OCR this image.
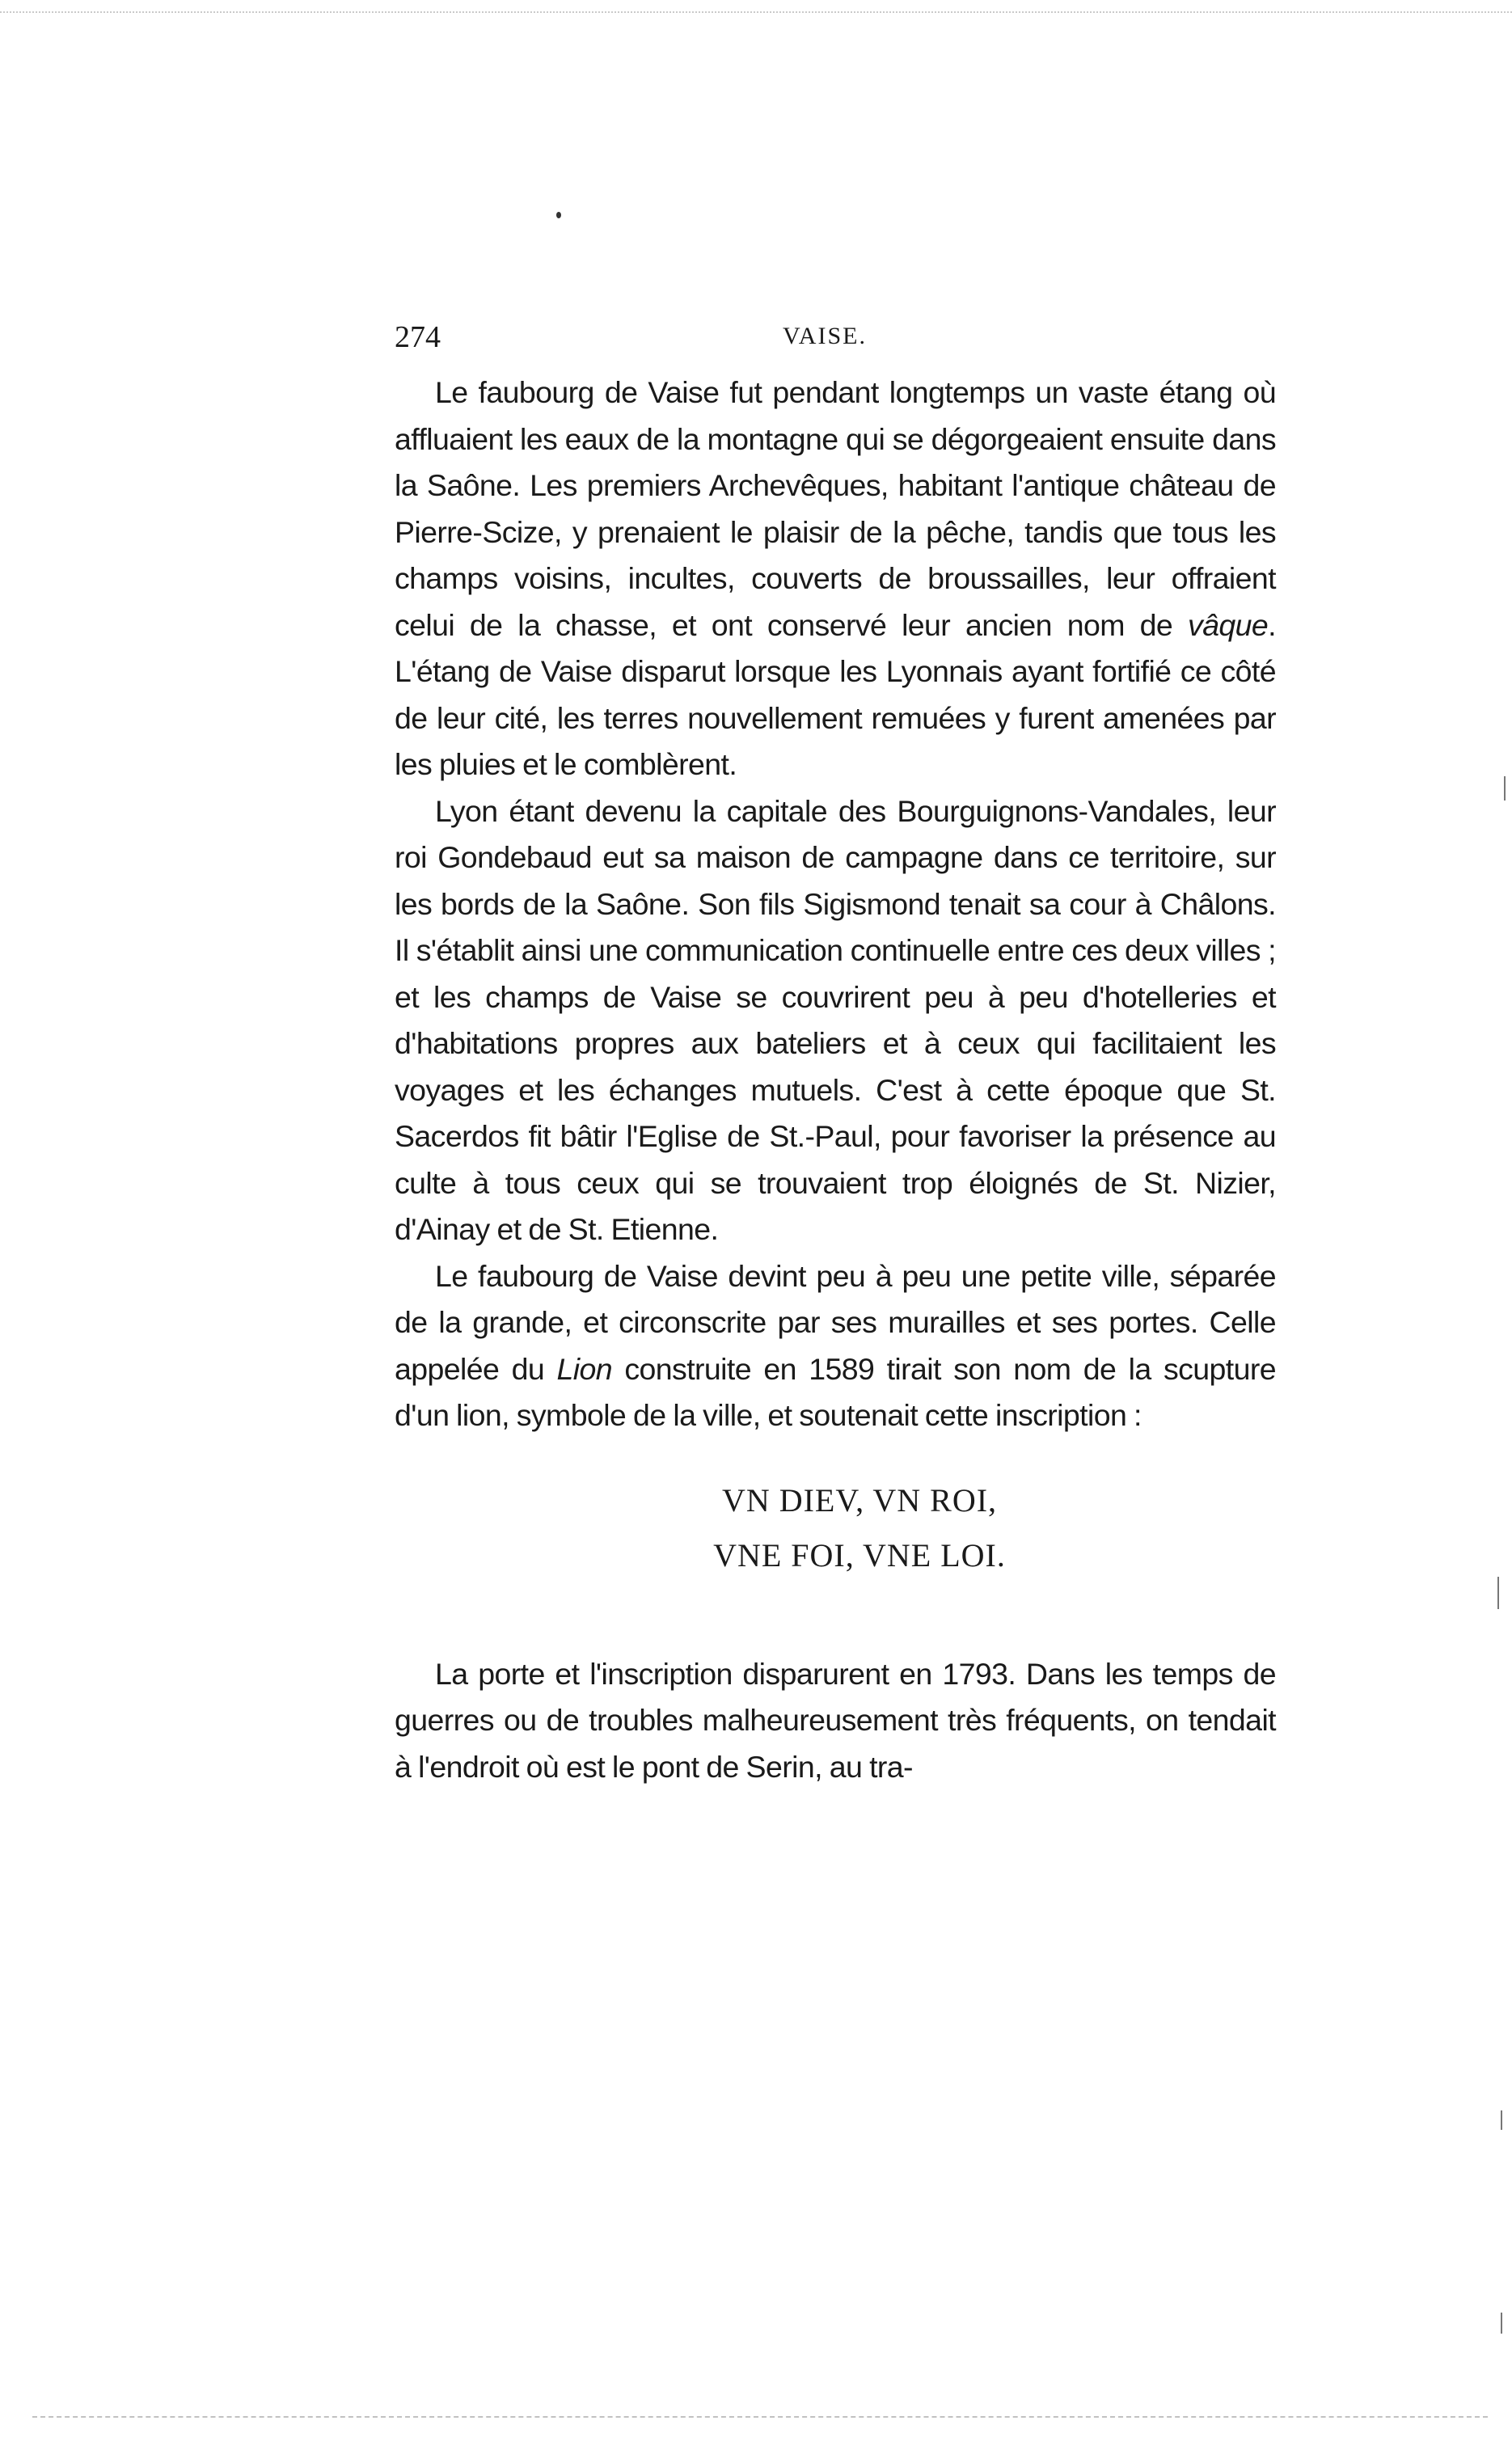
274	VAISE.

Le faubourg de Vaise fut pendant longtemps un vaste étang où affluaient les eaux de la montagne qui se dégorgeaient ensuite dans la Saône. Les premiers Archevêques, habitant l'antique château de Pierre-Scize, y prenaient le plaisir de la pêche, tandis que tous les champs voisins, incultes, couverts de broussailles, leur offraient celui de la chasse, et ont conservé leur ancien nom de vâque. L'étang de Vaise disparut lorsque les Lyonnais ayant fortifié ce côté de leur cité, les terres nouvellement remuées y furent amenées par les pluies et le comblèrent.

Lyon étant devenu la capitale des Bourguignons-Vandales, leur roi Gondebaud eut sa maison de campagne dans ce territoire, sur les bords de la Saône. Son fils Sigismond tenait sa cour à Châlons. Il s'établit ainsi une communication continuelle entre ces deux villes ; et les champs de Vaise se couvrirent peu à peu d'hotelleries et d'habitations propres aux bateliers et à ceux qui facilitaient les voyages et les échanges mutuels. C'est à cette époque que St. Sacerdos fit bâtir l'Eglise de St.-Paul, pour favoriser la présence au culte à tous ceux qui se trouvaient trop éloignés de St. Nizier, d'Ainay et de St. Etienne.

Le faubourg de Vaise devint peu à peu une petite ville, séparée de la grande, et circonscrite par ses murailles et ses portes. Celle appelée du Lion construite en 1589 tirait son nom de la scupture d'un lion, symbole de la ville, et soutenait cette inscription :

VN DIEV, VN ROI,
VNE FOI, VNE LOI.

La porte et l'inscription disparurent en 1793. Dans les temps de guerres ou de troubles malheureusement très fréquents, on tendait à l'endroit où est le pont de Serin, au tra-
